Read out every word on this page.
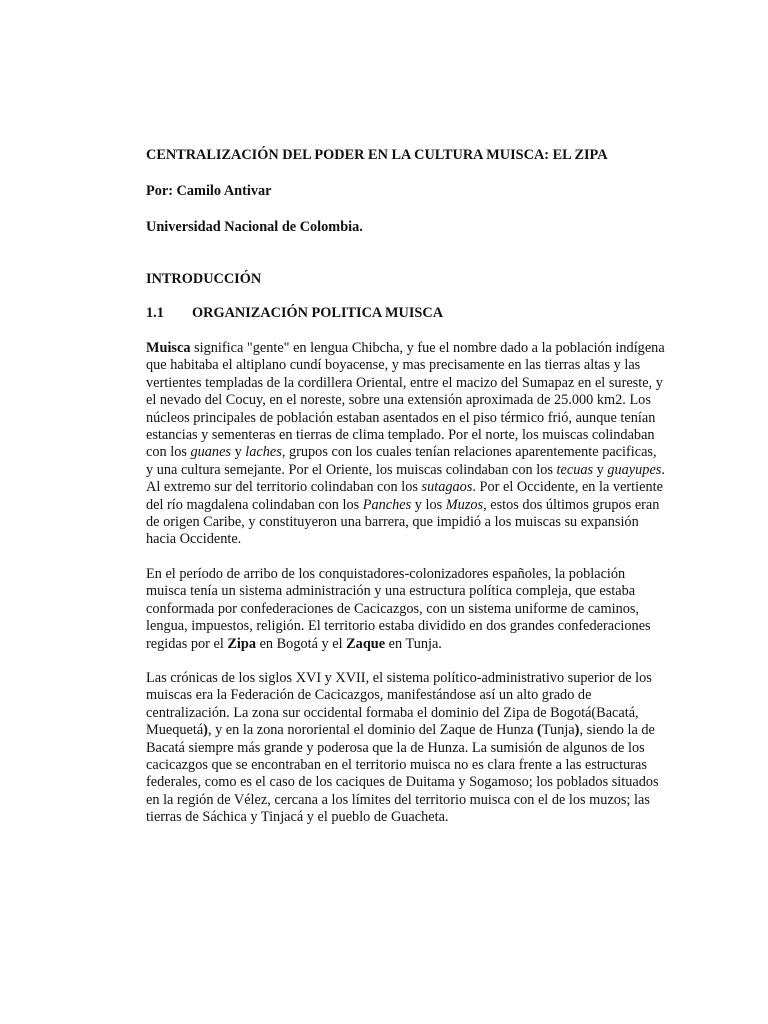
CENTRALIZACIÓN DEL PODER EN LA CULTURA MUISCA: EL ZIPA

Por: Camilo Antivar

Universidad Nacional de Colombia.

INTRODUCCIÓN

1.1 ORGANIZACIÓN POLITICA MUISCA

Muisca significa "gente" en lengua Chibcha, y fue el nombre dado a la población indígena que habitaba el altiplano cundí boyacense, y mas precisamente en las tierras altas y las vertientes templadas de la cordillera Oriental, entre el macizo del Sumapaz en el sureste, y el nevado del Cocuy, en el noreste, sobre una extensión aproximada de 25.000 km2. Los núcleos principales de población estaban asentados en el piso térmico frió, aunque tenían estancias y sementeras en tierras de clima templado. Por el norte, los muiscas colindaban con los guanes y laches, grupos con los cuales tenían relaciones aparentemente pacificas, y una cultura semejante. Por el Oriente, los muiscas colindaban con los tecuas y guayupes. Al extremo sur del territorio colindaban con los sutagaos. Por el Occidente, en la vertiente del río magdalena colindaban con los Panches y los Muzos, estos dos últimos grupos eran de origen Caribe, y constituyeron una barrera, que impidió a los muiscas su expansión hacia Occidente.

En el período de arribo de los conquistadores-colonizadores españoles, la población muisca tenía un sistema administración y una estructura política compleja, que estaba conformada por confederaciones de Cacicazgos, con un sistema uniforme de caminos, lengua, impuestos, religión. El territorio estaba dividido en dos grandes confederaciones regidas por el Zipa en Bogotá y el Zaque en Tunja.

Las crónicas de los siglos XVI y XVII, el sistema político-administrativo superior de los muiscas era la Federación de Cacicazgos, manifestándose así un alto grado de centralización. La zona sur occidental formaba el dominio del Zipa de Bogotá(Bacatá, Muequetá), y en la zona nororiental el dominio del Zaque de Hunza (Tunja), siendo la de Bacatá siempre más grande y poderosa que la de Hunza. La sumisión de algunos de los cacicazgos que se encontraban en el territorio muisca no es clara frente a las estructuras federales, como es el caso de los caciques de Duitama y Sogamoso; los poblados situados en la región de Vélez, cercana a los límites del territorio muisca con el de los muzos; las tierras de Sáchica y Tinjacá y el pueblo de Guacheta.
